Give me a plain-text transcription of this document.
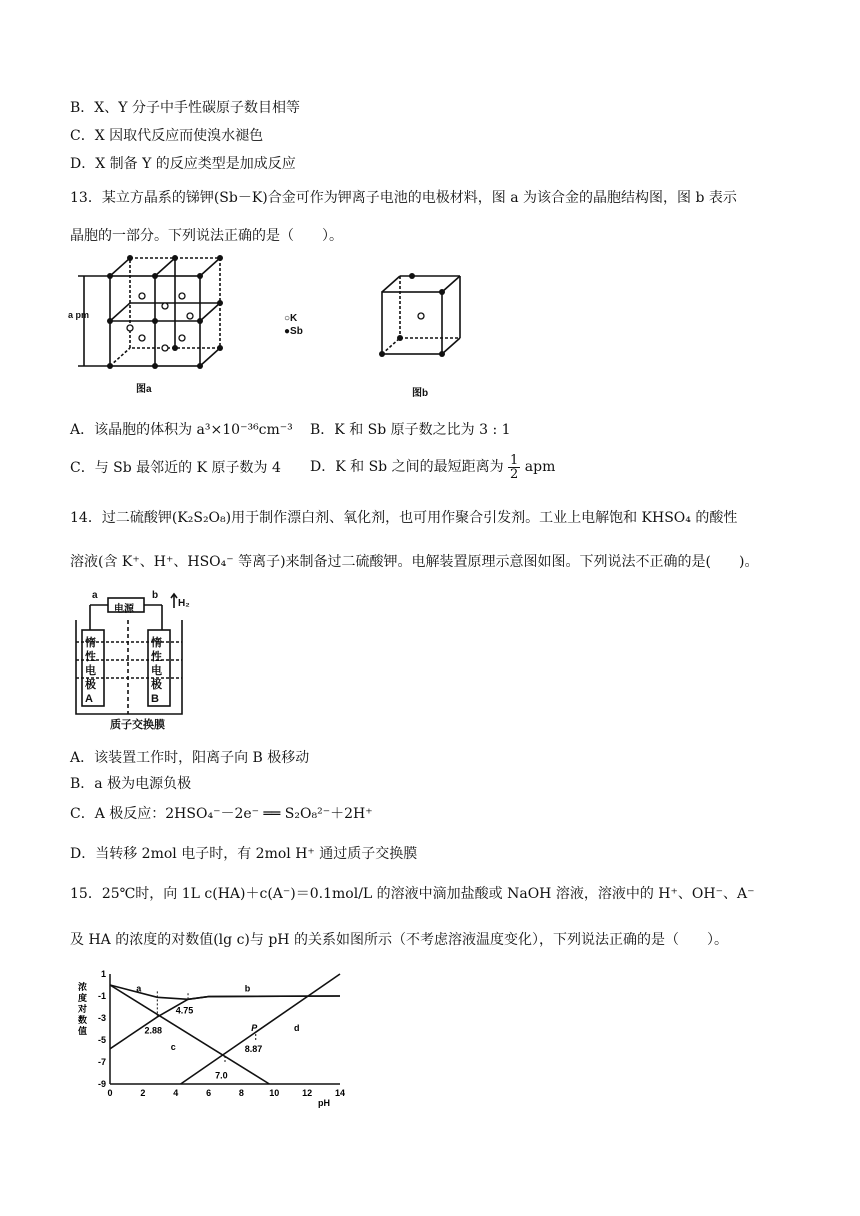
B．X、Y 分子中手性碳原子数目相等
C．X 因取代反应而使溴水褪色
D．X 制备 Y 的反应类型是加成反应
13．某立方晶系的锑钾(Sb－K)合金可作为钾离子电池的电极材料，图 a 为该合金的晶胞结构图，图 b 表示
晶胞的一部分。下列说法正确的是（　　）。
a pm
图a
○K
●Sb
图b
A．该晶胞的体积为 a³×10⁻³⁶cm⁻³ B．K 和 Sb 原子数之比为 3 : 1
C．与 Sb 最邻近的 K 原子数为 4 D．K 和 Sb 之间的最短距离为 $\frac{1}{2}$ apm
14．过二硫酸钾(K₂S₂O₈)用于制作漂白剂、氧化剂，也可用作聚合引发剂。工业上电解饱和 KHSO₄ 的酸性
溶液(含 K⁺、H⁺、HSO₄⁻ 等离子)来制备过二硫酸钾。电解装置原理示意图如图。下列说法不正确的是(　　)。
电源
a	b
H₂
惰性电极A
惰性电极B
质子交换膜
A．该装置工作时，阳离子向 B 极移动
B．a 极为电源负极
C．A 极反应：2HSO₄⁻－2e⁻ ══ S₂O₈²⁻＋2H⁺
D．当转移 2mol 电子时，有 2mol H⁺ 通过质子交换膜
15．25℃时，向 1L c(HA)＋c(A⁻)＝0.1mol/L 的溶液中滴加盐酸或 NaOH 溶液，溶液中的 H⁺、OH⁻、A⁻
及 HA 的浓度的对数值(lg c)与 pH 的关系如图所示（不考虑溶液温度变化），下列说法正确的是（　　）。
0	2	4	6	8	10	12	14
1
-1
-3
-5
-7
-9
pH
浓
度
对
数
值
a	b
c
d
2.88
4.75
7.0
8.87
P
